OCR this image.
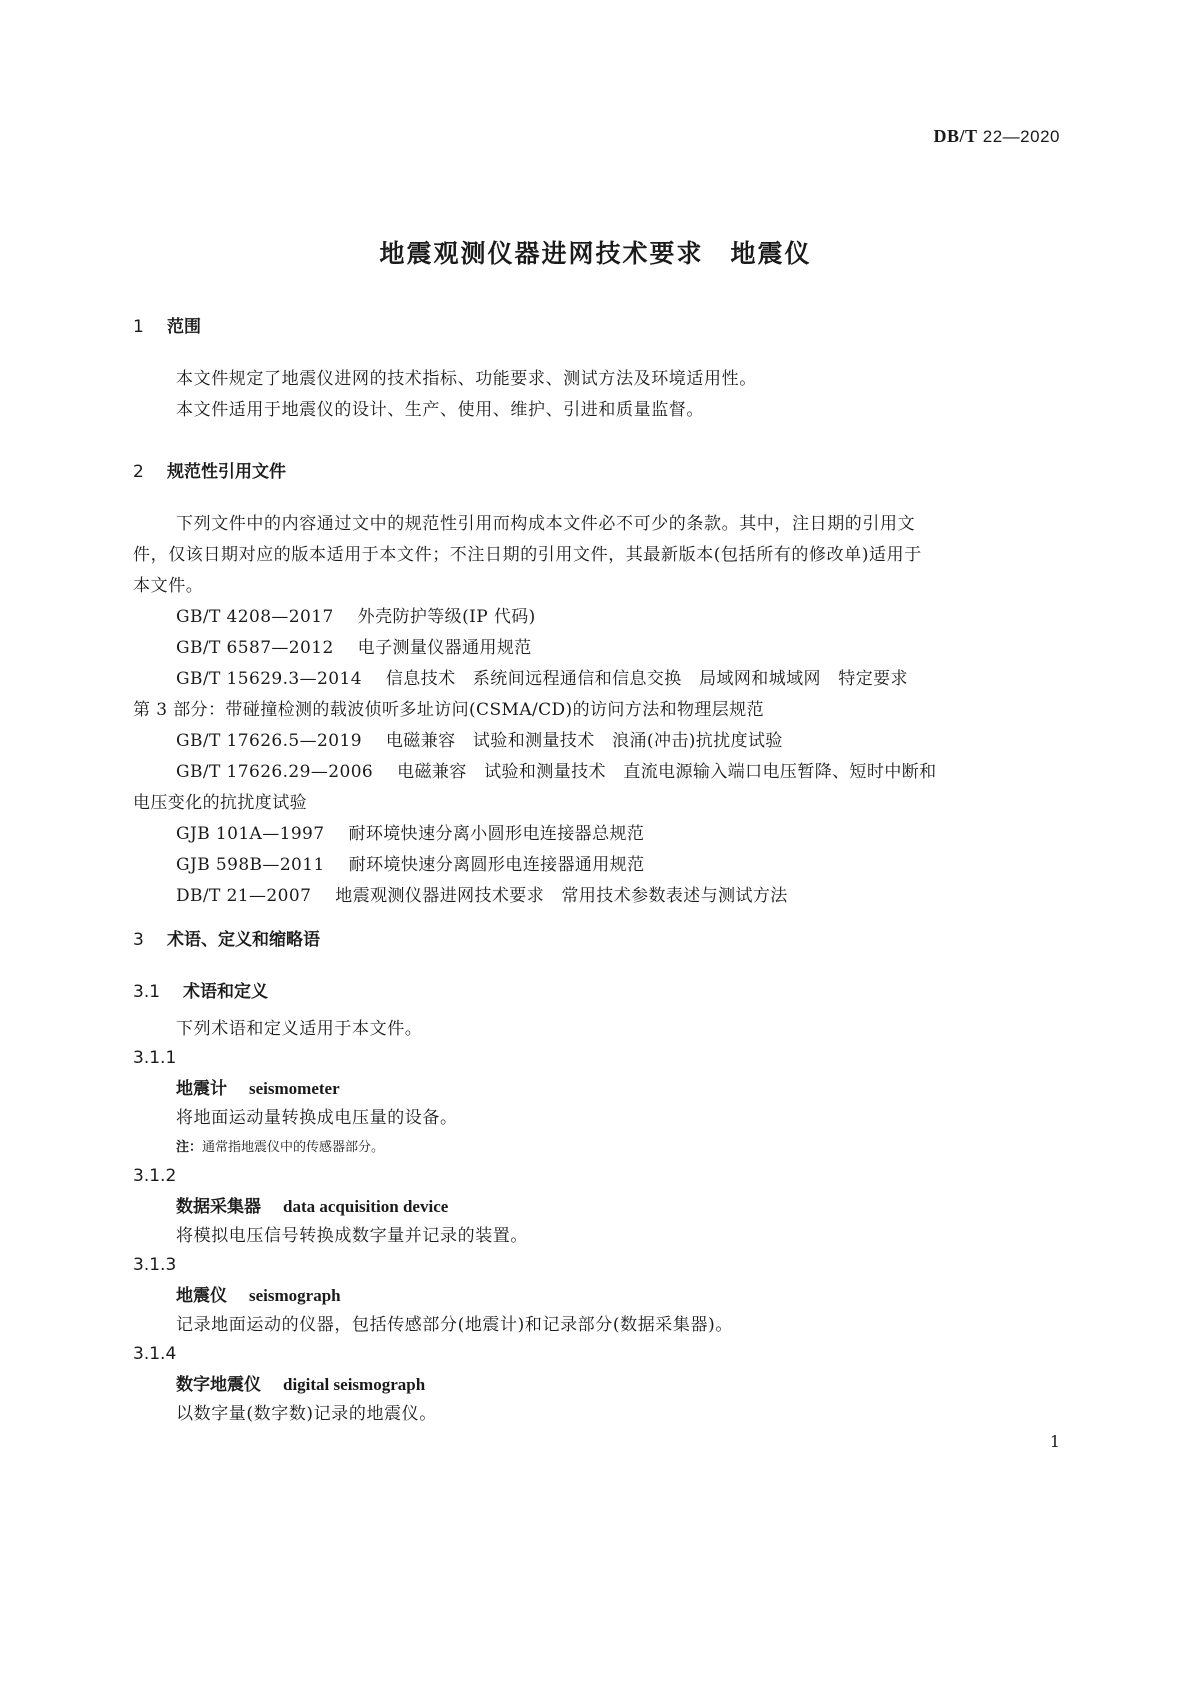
DB/T 22—2020
地震观测仪器进网技术要求　地震仪
1 范围
本文件规定了地震仪进网的技术指标、功能要求、测试方法及环境适用性。
本文件适用于地震仪的设计、生产、使用、维护、引进和质量监督。
2 规范性引用文件
下列文件中的内容通过文中的规范性引用而构成本文件必不可少的条款。其中，注日期的引用文
件，仅该日期对应的版本适用于本文件；不注日期的引用文件，其最新版本(包括所有的修改单)适用于
本文件。
GB/T 4208—2017 外壳防护等级(IP 代码)
GB/T 6587—2012 电子测量仪器通用规范
GB/T 15629.3—2014 信息技术　系统间远程通信和信息交换　局域网和城域网　特定要求
第 3 部分：带碰撞检测的载波侦听多址访问(CSMA/CD)的访问方法和物理层规范
GB/T 17626.5—2019 电磁兼容　试验和测量技术　浪涌(冲击)抗扰度试验
GB/T 17626.29—2006 电磁兼容　试验和测量技术　直流电源输入端口电压暂降、短时中断和
电压变化的抗扰度试验
GJB 101A—1997 耐环境快速分离小圆形电连接器总规范
GJB 598B—2011 耐环境快速分离圆形电连接器通用规范
DB/T 21—2007 地震观测仪器进网技术要求　常用技术参数表述与测试方法
3 术语、定义和缩略语
3.1 术语和定义
下列术语和定义适用于本文件。
3.1.1
地震计 seismometer
将地面运动量转换成电压量的设备。
注：通常指地震仪中的传感器部分。
3.1.2
数据采集器 data acquisition device
将模拟电压信号转换成数字量并记录的装置。
3.1.3
地震仪 seismograph
记录地面运动的仪器，包括传感部分(地震计)和记录部分(数据采集器)。
3.1.4
数字地震仪 digital seismograph
以数字量(数字数)记录的地震仪。
1
